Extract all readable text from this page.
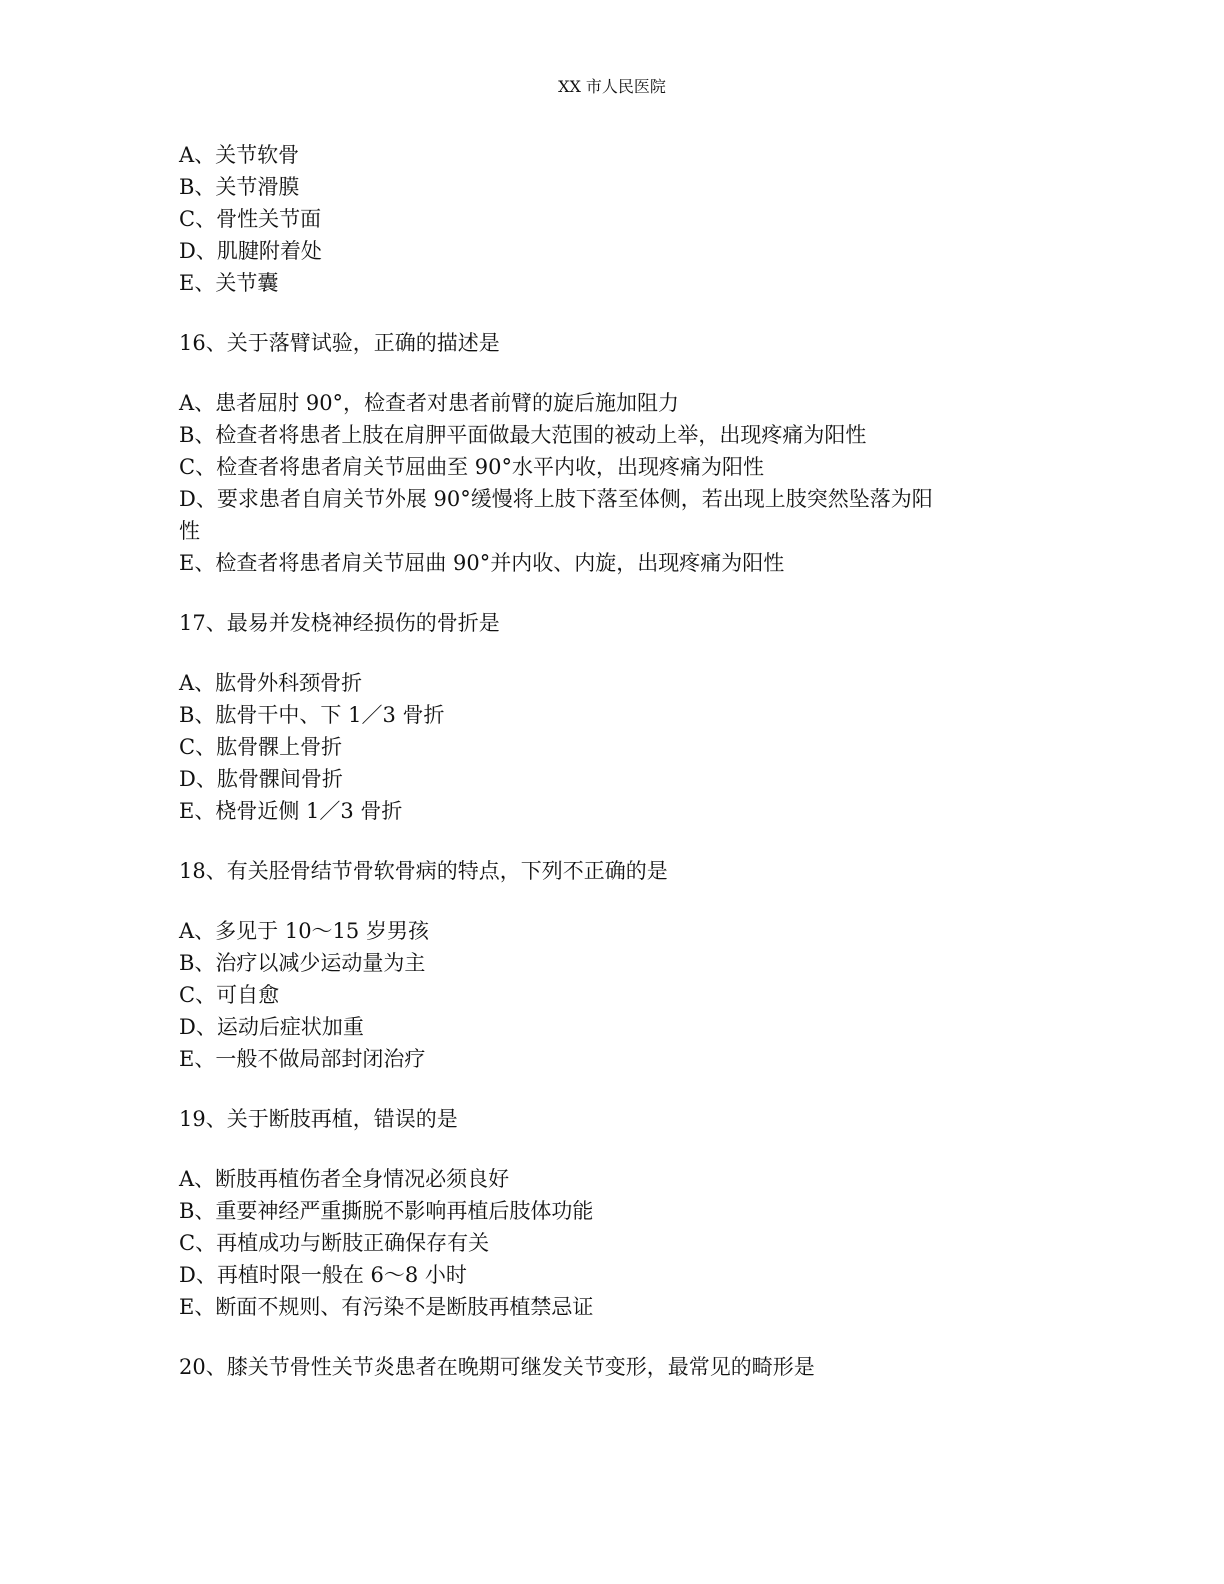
XX 市人民医院
A、关节软骨
B、关节滑膜
C、骨性关节面
D、肌腱附着处
E、关节囊
16、关于落臂试验，正确的描述是
A、患者屈肘 90°，检查者对患者前臂的旋后施加阻力
B、检查者将患者上肢在肩胛平面做最大范围的被动上举，出现疼痛为阳性
C、检查者将患者肩关节屈曲至 90°水平内收，出现疼痛为阳性
D、要求患者自肩关节外展 90°缓慢将上肢下落至体侧，若出现上肢突然坠落为阳
性
E、检查者将患者肩关节屈曲 90°并内收、内旋，出现疼痛为阳性
17、最易并发桡神经损伤的骨折是
A、肱骨外科颈骨折
B、肱骨干中、下 1／3 骨折
C、肱骨髁上骨折
D、肱骨髁间骨折
E、桡骨近侧 1／3 骨折
18、有关胫骨结节骨软骨病的特点，下列不正确的是
A、多见于 10～15 岁男孩
B、治疗以减少运动量为主
C、可自愈
D、运动后症状加重
E、一般不做局部封闭治疗
19、关于断肢再植，错误的是
A、断肢再植伤者全身情况必须良好
B、重要神经严重撕脱不影响再植后肢体功能
C、再植成功与断肢正确保存有关
D、再植时限一般在 6～8 小时
E、断面不规则、有污染不是断肢再植禁忌证
20、膝关节骨性关节炎患者在晚期可继发关节变形，最常见的畸形是
